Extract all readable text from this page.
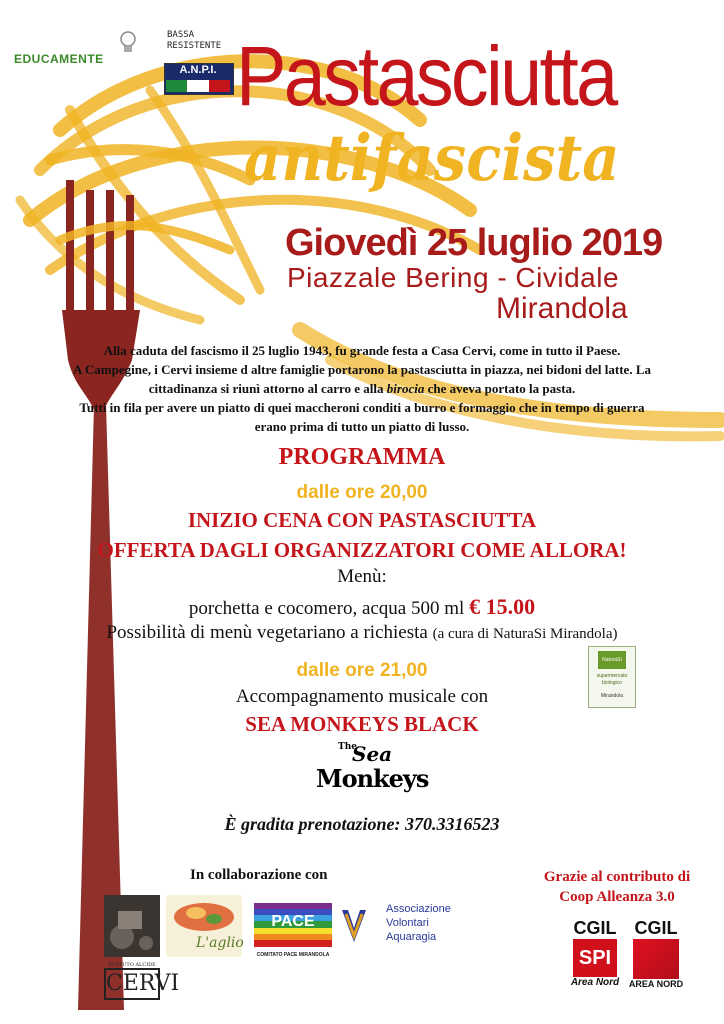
EDUCAMENTE
BASSA
RESISTENTE
A.N.P.I. Pastasciutta
antifascista
Giovedì 25 luglio 2019
Piazzale Bering - Cividale
Mirandola

Alla caduta del fascismo il 25 luglio 1943, fu grande festa a Casa Cervi, come in tutto il Paese.

A Campegine, i Cervi insieme d altre famiglie portarono la pastasciutta in piazza, nei bidoni del latte. La

cittadinanza si riunì attorno al carro e alla birocia che aveva portato la pasta.

Tutti in fila per avere un piatto di quei maccheroni conditi a burro e formaggio che in tempo di guerra

erano prima di tutto un piatto di lusso.

PROGRAMMA
dalle ore 20,00
INIZIO CENA CON PASTASCIUTTA
OFFERTA DAGLI ORGANIZZATORI COME ALLORA!
Menù:
porchetta e cocomero, acqua 500 ml € 15.00
Possibilità di menù vegetariano a richiesta (a cura di NaturaSi Mirandola)
dalle ore 21,00
Accompagnamento musicale con
SEA MONKEYS BLACK
NaturaSì
supermercato biologico
Mirandola
The
Sea
Monkeys
È gradita prenotazione: 370.3316523
In collaborazione con	Grazie al contributo di
Coop Alleanza 3.0
ISTITUTO ALCIDE
CERVI
L'aglio
PACE
COMITATO PACE MIRANDOLA
Associazione
Volontari
Aquaragia	CGIL
SPI
Area Nord
CGIL
AREA NORD
